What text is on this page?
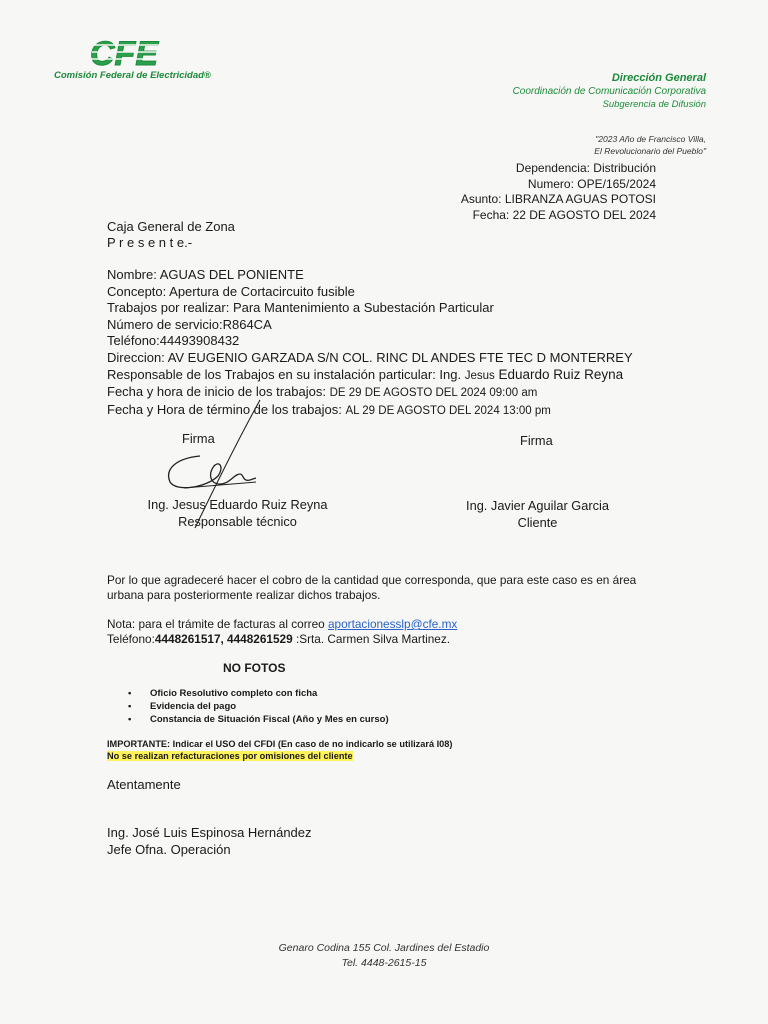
CFE
Comisión Federal de Electricidad®	Dirección General
Coordinación de Comunicación Corporativa
Subgerencia de Difusión
"2023 Año de Francisco Villa,
El Revolucionario del Pueblo"
Dependencia: Distribución
Numero: OPE/165/2024
Asunto: LIBRANZA AGUAS POTOSI
Fecha: 22 DE AGOSTO DEL 2024
Caja General de Zona
P r e s e n t e.-
Nombre: AGUAS DEL PONIENTE
Concepto: Apertura de Cortacircuito fusible
Trabajos por realizar: Para Mantenimiento a Subestación Particular
Número de servicio:R864CA
Teléfono:44493908432
Direccion: AV EUGENIO GARZADA S/N COL. RINC DL ANDES FTE TEC D MONTERREY
Responsable de los Trabajos en su instalación particular: Ing. Jesus Eduardo Ruiz Reyna
Fecha y hora de inicio de los trabajos: DE 29 DE AGOSTO DEL 2024 09:00 am
Fecha y Hora de término de los trabajos: AL 29 DE AGOSTO DEL 2024 13:00 pm
Firma	Firma
Ing. Jesus Eduardo Ruiz Reyna
Responsable técnico
Ing. Javier Aguilar Garcia
Cliente
Por lo que agradeceré hacer el cobro de la cantidad que corresponda, que para este caso es en área urbana para posteriormente realizar dichos trabajos.
Nota: para el trámite de facturas al correo aportacionesslp@cfe.mx
Teléfono:4448261517, 4448261529 :Srta. Carmen Silva Martinez.
NO FOTOS
• Oficio Resolutivo completo con ficha
• Evidencia del pago
• Constancia de Situación Fiscal (Año y Mes en curso)
IMPORTANTE: Indicar el USO del CFDI (En caso de no indicarlo se utilizará I08)
No se realizan refacturaciones por omisiones del cliente
Atentamente
Ing. José Luis Espinosa Hernández
Jefe Ofna. Operación
Genaro Codina 155 Col. Jardines del Estadio
Tel. 4448-2615-15
